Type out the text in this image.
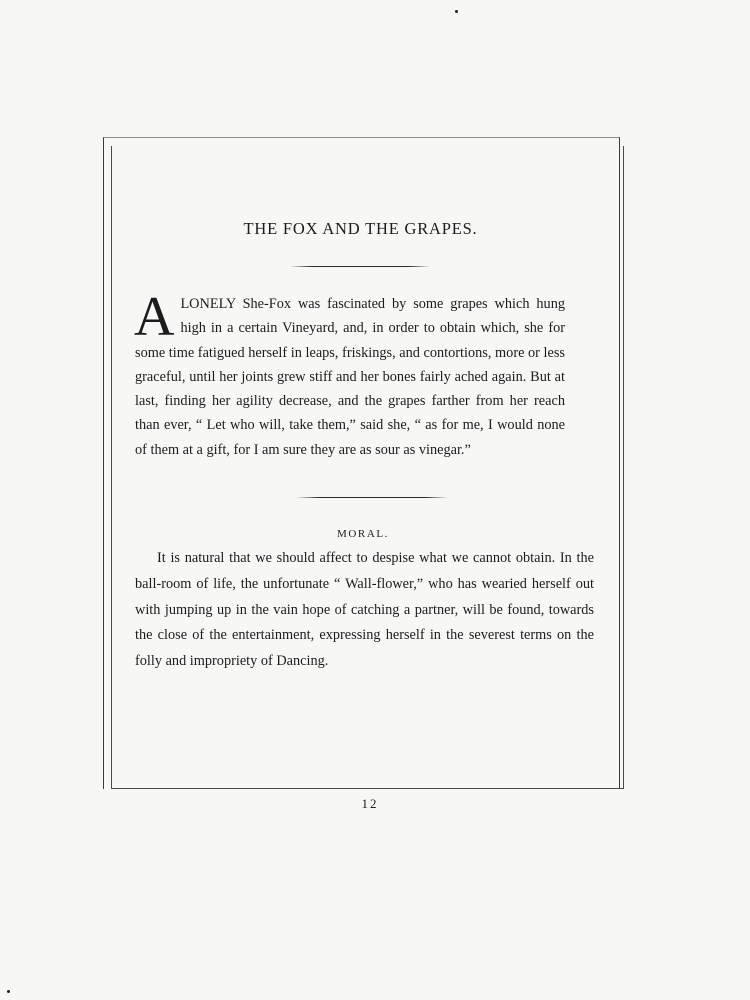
THE FOX AND THE GRAPES.

ALONELY She-Fox was fascinated by some grapes which hung high in a certain Vineyard, and, in order to obtain which, she for some time fatigued herself in leaps, friskings, and contortions, more or less graceful, until her joints grew stiff and her bones fairly ached again. But at last, finding her agility decrease, and the grapes farther from her reach than ever, “ Let who will, take them,” said she, “ as for me, I would none of them at a gift, for I am sure they are as sour as vinegar.”

MORAL.

It is natural that we should affect to despise what we cannot obtain. In the ball-room of life, the unfortunate “ Wall-flower,” who has wearied herself out with jumping up in the vain hope of catching a partner, will be found, towards the close of the entertainment, expressing herself in the severest terms on the folly and impropriety of Dancing.

12
